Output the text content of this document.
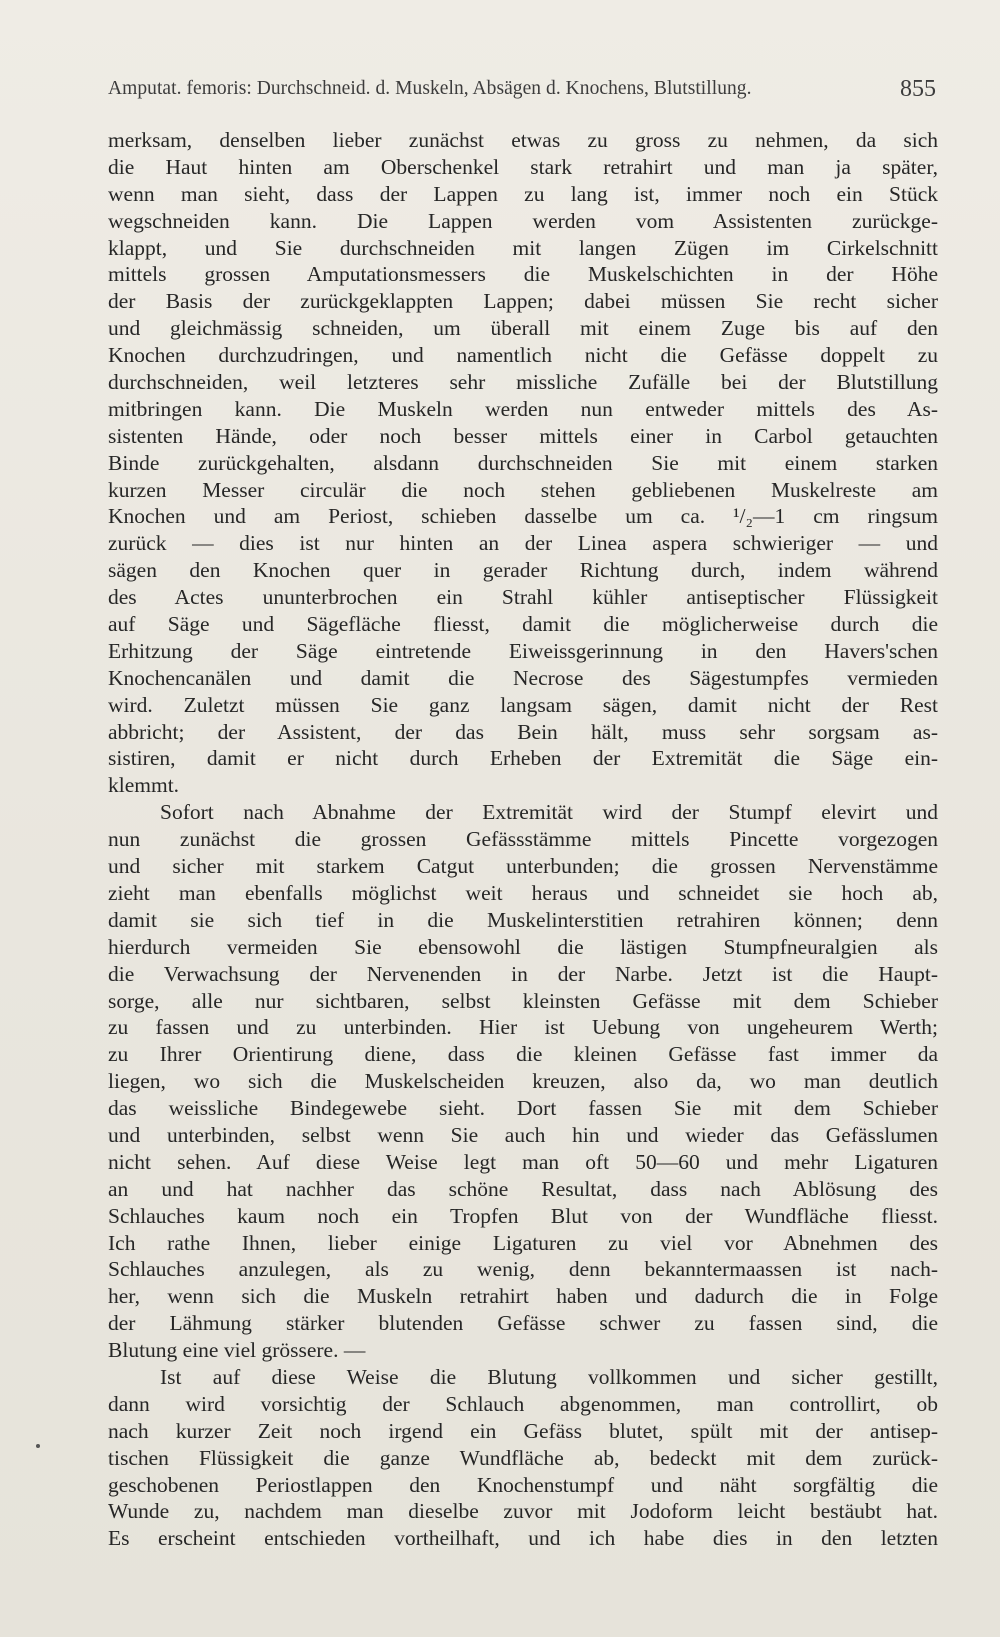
Amputat. femoris: Durchschneid. d. Muskeln, Absägen d. Knochens, Blutstillung.	855
merksam, denselben lieber zunächst etwas zu gross zu nehmen, da sich
die Haut hinten am Oberschenkel stark retrahirt und man ja später,
wenn man sieht, dass der Lappen zu lang ist, immer noch ein Stück
wegschneiden kann. Die Lappen werden vom Assistenten zurückge-
klappt, und Sie durchschneiden mit langen Zügen im Cirkelschnitt
mittels grossen Amputationsmessers die Muskelschichten in der Höhe
der Basis der zurückgeklappten Lappen; dabei müssen Sie recht sicher
und gleichmässig schneiden, um überall mit einem Zuge bis auf den
Knochen durchzudringen, und namentlich nicht die Gefässe doppelt zu
durchschneiden, weil letzteres sehr missliche Zufälle bei der Blutstillung
mitbringen kann. Die Muskeln werden nun entweder mittels des As-
sistenten Hände, oder noch besser mittels einer in Carbol getauchten
Binde zurückgehalten, alsdann durchschneiden Sie mit einem starken
kurzen Messer circulär die noch stehen gebliebenen Muskelreste am
Knochen und am Periost, schieben dasselbe um ca. ¹/₂—1 cm ringsum
zurück — dies ist nur hinten an der Linea aspera schwieriger — und
sägen den Knochen quer in gerader Richtung durch, indem während
des Actes ununterbrochen ein Strahl kühler antiseptischer Flüssigkeit
auf Säge und Sägefläche fliesst, damit die möglicherweise durch die
Erhitzung der Säge eintretende Eiweissgerinnung in den Havers'schen
Knochencanälen und damit die Necrose des Sägestumpfes vermieden
wird. Zuletzt müssen Sie ganz langsam sägen, damit nicht der Rest
abbricht; der Assistent, der das Bein hält, muss sehr sorgsam as-
sistiren, damit er nicht durch Erheben der Extremität die Säge ein-
klemmt.
Sofort nach Abnahme der Extremität wird der Stumpf elevirt und
nun zunächst die grossen Gefässstämme mittels Pincette vorgezogen
und sicher mit starkem Catgut unterbunden; die grossen Nervenstämme
zieht man ebenfalls möglichst weit heraus und schneidet sie hoch ab,
damit sie sich tief in die Muskelinterstitien retrahiren können; denn
hierdurch vermeiden Sie ebensowohl die lästigen Stumpfneuralgien als
die Verwachsung der Nervenenden in der Narbe. Jetzt ist die Haupt-
sorge, alle nur sichtbaren, selbst kleinsten Gefässe mit dem Schieber
zu fassen und zu unterbinden. Hier ist Uebung von ungeheurem Werth;
zu Ihrer Orientirung diene, dass die kleinen Gefässe fast immer da
liegen, wo sich die Muskelscheiden kreuzen, also da, wo man deutlich
das weissliche Bindegewebe sieht. Dort fassen Sie mit dem Schieber
und unterbinden, selbst wenn Sie auch hin und wieder das Gefässlumen
nicht sehen. Auf diese Weise legt man oft 50—60 und mehr Ligaturen
an und hat nachher das schöne Resultat, dass nach Ablösung des
Schlauches kaum noch ein Tropfen Blut von der Wundfläche fliesst.
Ich rathe Ihnen, lieber einige Ligaturen zu viel vor Abnehmen des
Schlauches anzulegen, als zu wenig, denn bekanntermaassen ist nach-
her, wenn sich die Muskeln retrahirt haben und dadurch die in Folge
der Lähmung stärker blutenden Gefässe schwer zu fassen sind, die
Blutung eine viel grössere. —
Ist auf diese Weise die Blutung vollkommen und sicher gestillt,
dann wird vorsichtig der Schlauch abgenommen, man controllirt, ob
nach kurzer Zeit noch irgend ein Gefäss blutet, spült mit der antisep-
tischen Flüssigkeit die ganze Wundfläche ab, bedeckt mit dem zurück-
geschobenen Periostlappen den Knochenstumpf und näht sorgfältig die
Wunde zu, nachdem man dieselbe zuvor mit Jodoform leicht bestäubt hat.
Es erscheint entschieden vortheilhaft, und ich habe dies in den letzten
